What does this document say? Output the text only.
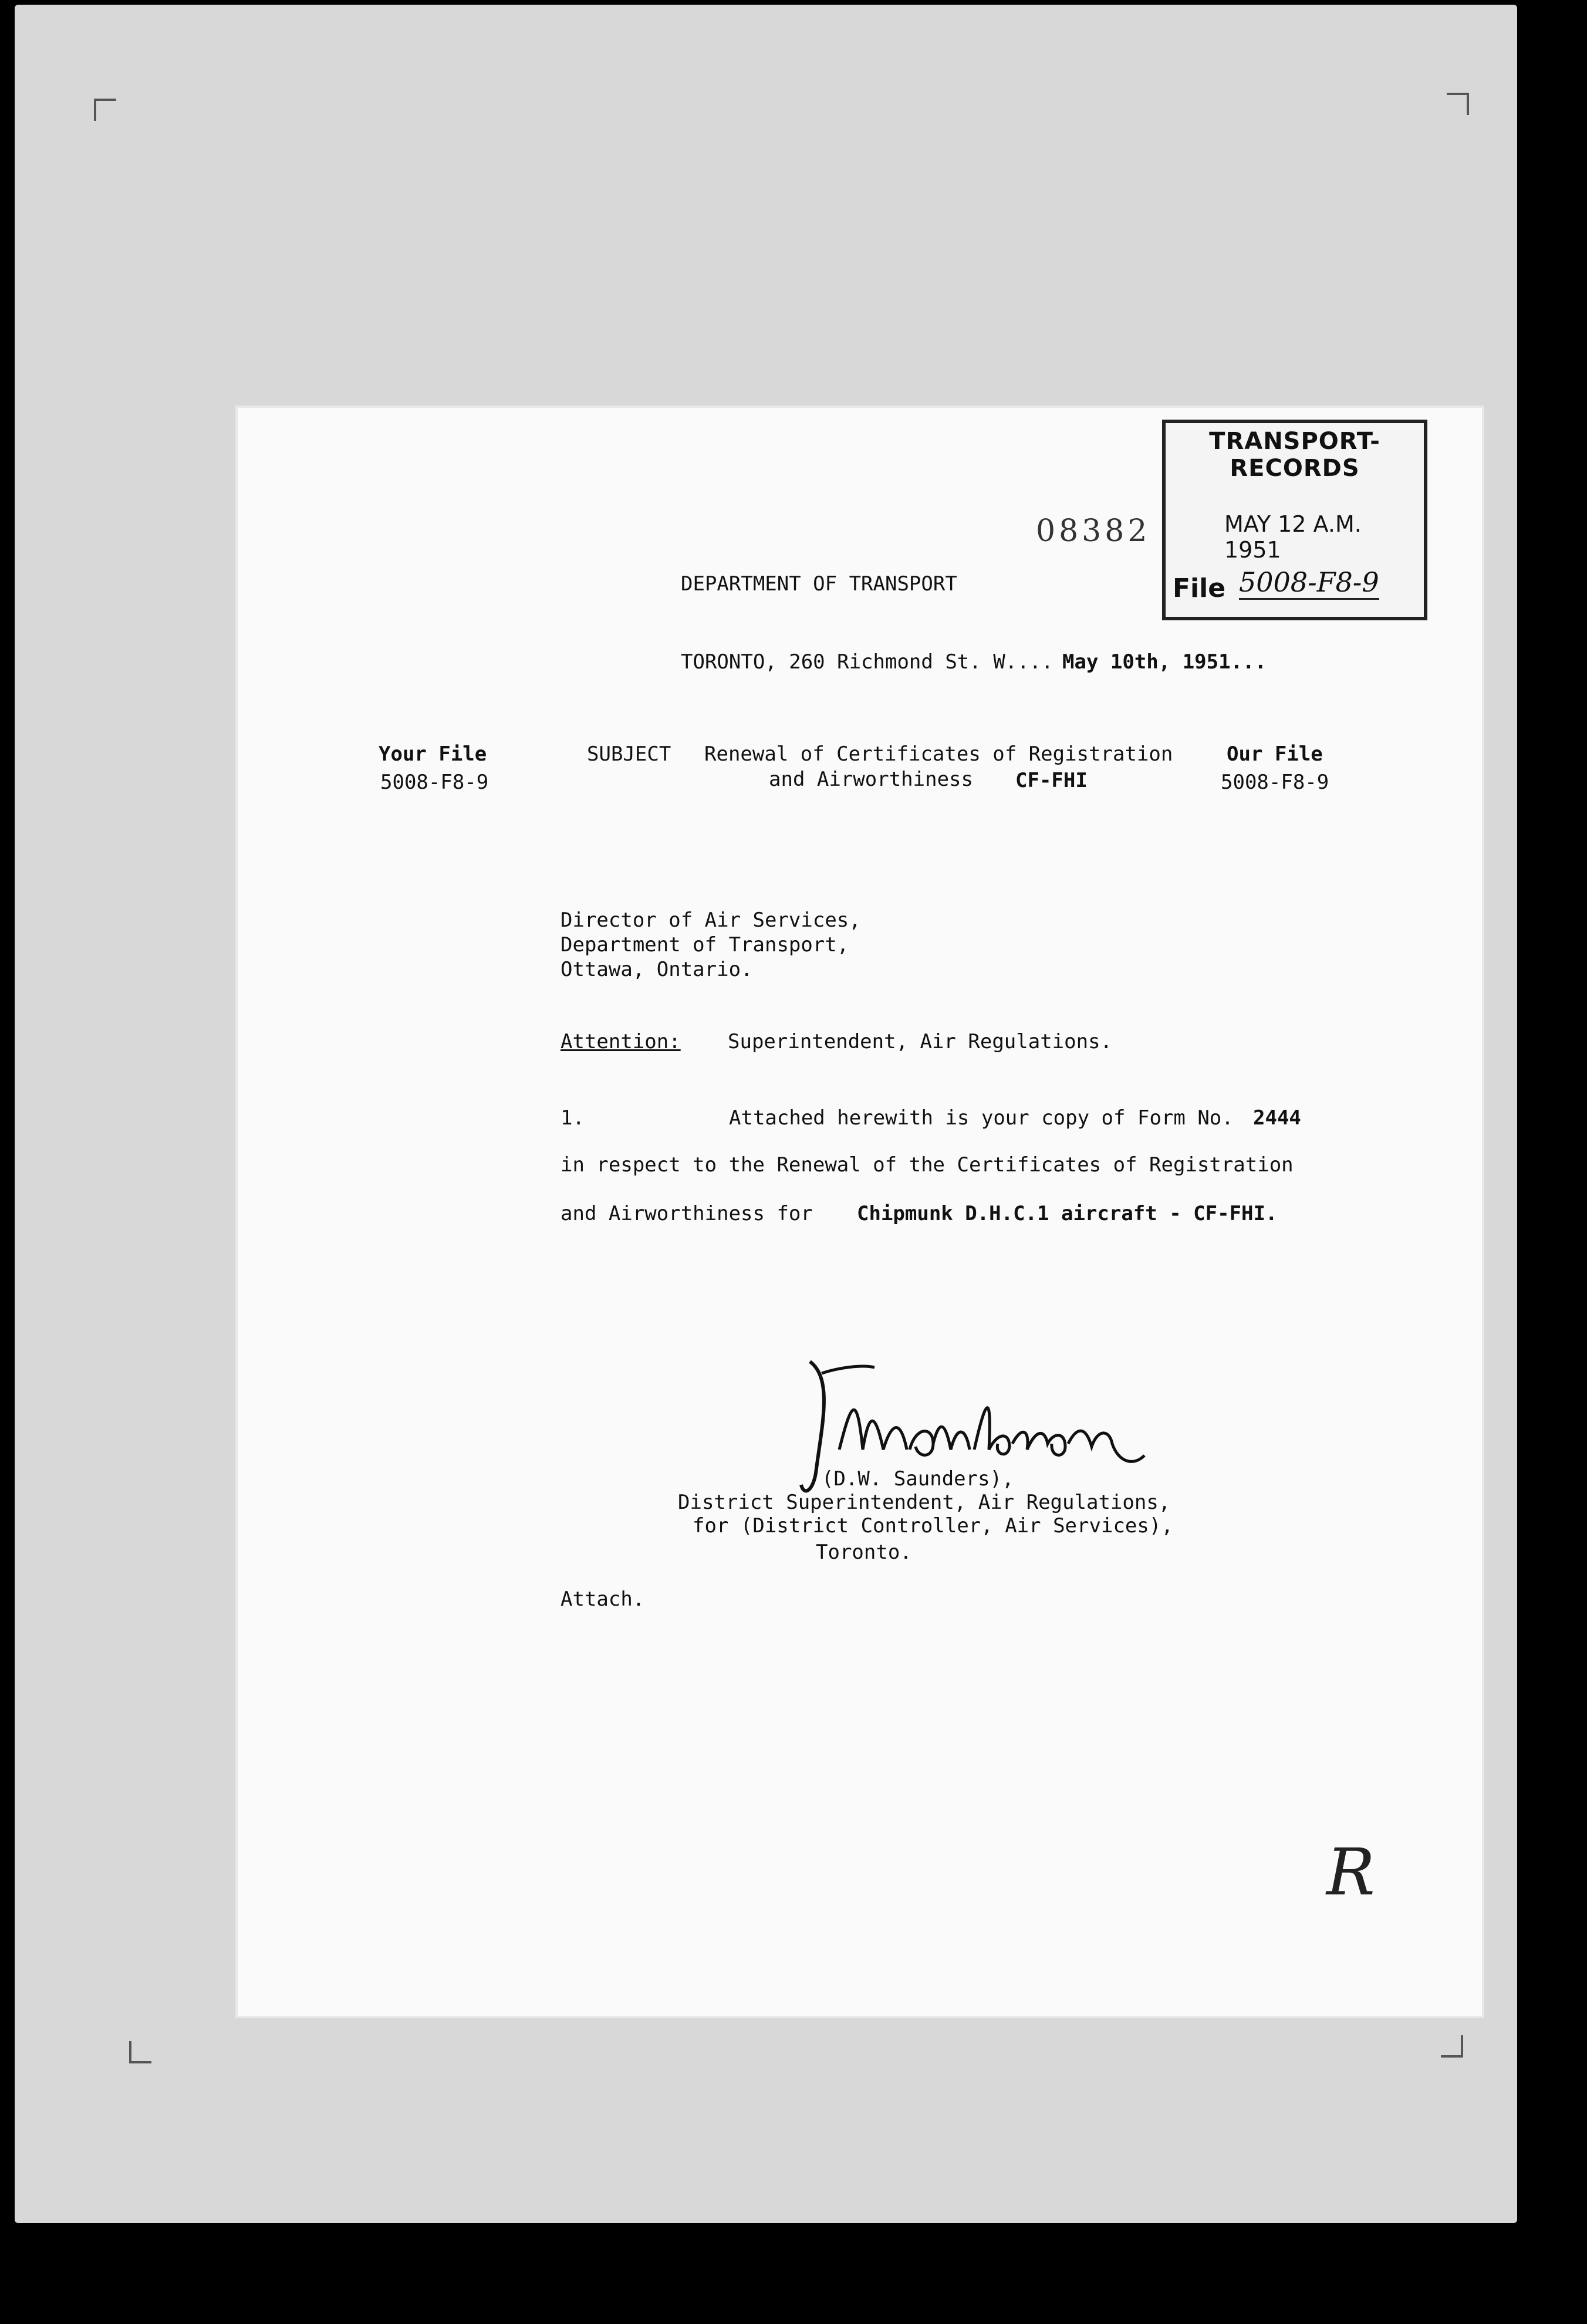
TRANSPORT-RECORDS
MAY 12 A.M. 1951
File 5008-F8-9
08382
DEPARTMENT OF TRANSPORT
TORONTO, 260 Richmond St. W.... May 10th, 1951...
Your File
5008-F8-9
SUBJECT Renewal of Certificates of Registration
and Airworthiness CF-FHI
Our File
5008-F8-9
Director of Air Services,
Department of Transport,
Ottawa, Ontario.
Attention: Superintendent, Air Regulations.
1.	Attached herewith is your copy of Form No. 2444
in respect to the Renewal of the Certificates of Registration
and Airworthiness for Chipmunk D.H.C.1 aircraft - CF-FHI.
(D.W. Saunders),
District Superintendent, Air Regulations,
for (District Controller, Air Services),
Toronto.
Attach.
R
